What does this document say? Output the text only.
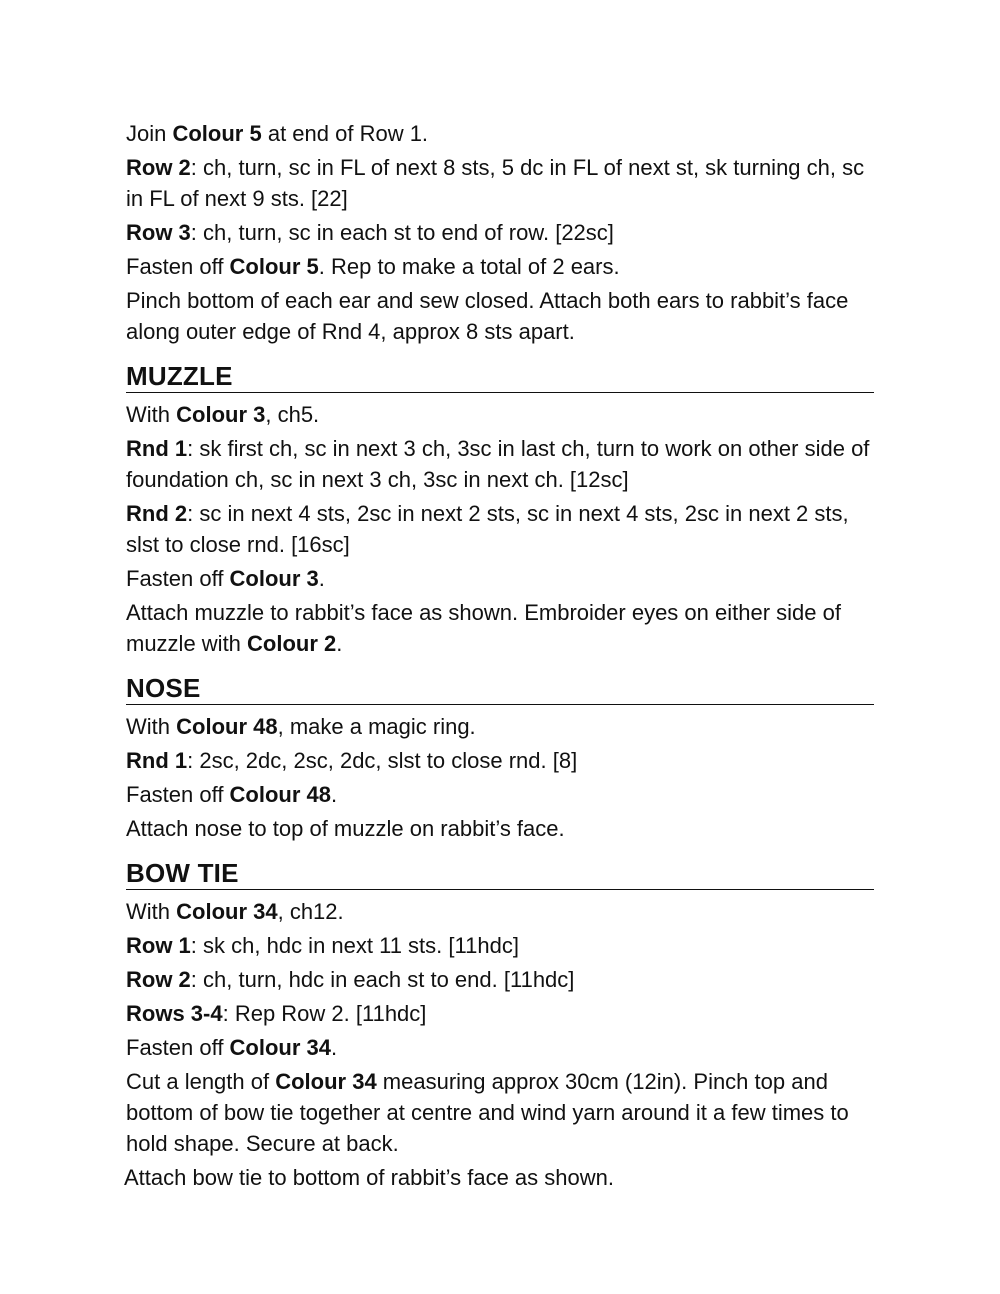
Join Colour 5 at end of Row 1.

Row 2: ch, turn, sc in FL of next 8 sts, 5 dc in FL of next st, sk turning ch, sc in FL of next 9 sts. [22]

Row 3: ch, turn, sc in each st to end of row. [22sc]

Fasten off Colour 5. Rep to make a total of 2 ears.

Pinch bottom of each ear and sew closed. Attach both ears to rabbit’s face along outer edge of Rnd 4, approx 8 sts apart.

MUZZLE

With Colour 3, ch5.

Rnd 1: sk first ch, sc in next 3 ch, 3sc in last ch, turn to work on other side of foundation ch, sc in next 3 ch, 3sc in next ch. [12sc]

Rnd 2: sc in next 4 sts, 2sc in next 2 sts, sc in next 4 sts, 2sc in next 2 sts, slst to close rnd. [16sc]

Fasten off Colour 3.

Attach muzzle to rabbit’s face as shown. Embroider eyes on either side of muzzle with Colour 2.

NOSE

With Colour 48, make a magic ring.

Rnd 1: 2sc, 2dc, 2sc, 2dc, slst to close rnd. [8]

Fasten off Colour 48.

Attach nose to top of muzzle on rabbit’s face.

BOW TIE

With Colour 34, ch12.

Row 1: sk ch, hdc in next 11 sts. [11hdc]

Row 2: ch, turn, hdc in each st to end. [11hdc]

Rows 3-4: Rep Row 2. [11hdc]

Fasten off Colour 34.

Cut a length of Colour 34 measuring approx 30cm (12in). Pinch top and bottom of bow tie together at centre and wind yarn around it a few times to hold shape. Secure at back.

Attach bow tie to bottom of rabbit’s face as shown.
